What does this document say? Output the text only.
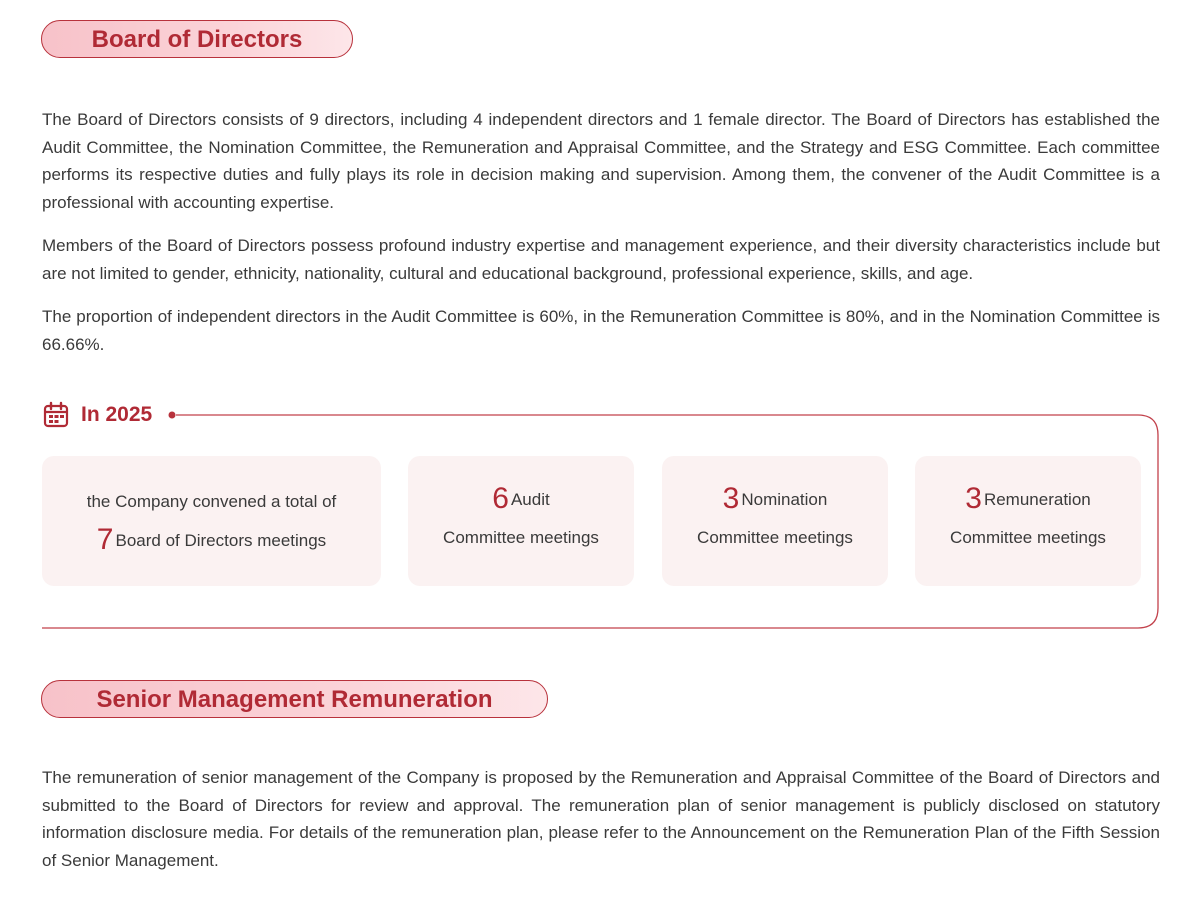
Board of Directors

The Board of Directors consists of 9 directors, including 4 independent directors and 1 female director. The Board of Directors has established the Audit Committee, the Nomination Committee, the Remuneration and Appraisal Committee, and the Strategy and ESG Committee. Each committee performs its respective duties and fully plays its role in decision making and supervision. Among them, the convener of the Audit Committee is a professional with accounting expertise.

Members of the Board of Directors possess profound industry expertise and management experience, and their diversity characteristics include but are not limited to gender, ethnicity, nationality, cultural and educational background, professional experience, skills, and age.

The proportion of independent directors in the Audit Committee is 60%, in the Remuneration Committee is 80%, and in the Nomination Committee is 66.66%.

In 2025
the Company convened a total of
7 Board of Directors meetings
6 Audit
Committee meetings
3 Nomination
Committee meetings
3 Remuneration
Committee meetings
Senior Management Remuneration

The remuneration of senior management of the Company is proposed by the Remuneration and Appraisal Committee of the Board of Directors and submitted to the Board of Directors for review and approval. The remuneration plan of senior management is publicly disclosed on statutory information disclosure media. For details of the remuneration plan, please refer to the Announcement on the Remuneration Plan of the Fifth Session of Senior Management.
